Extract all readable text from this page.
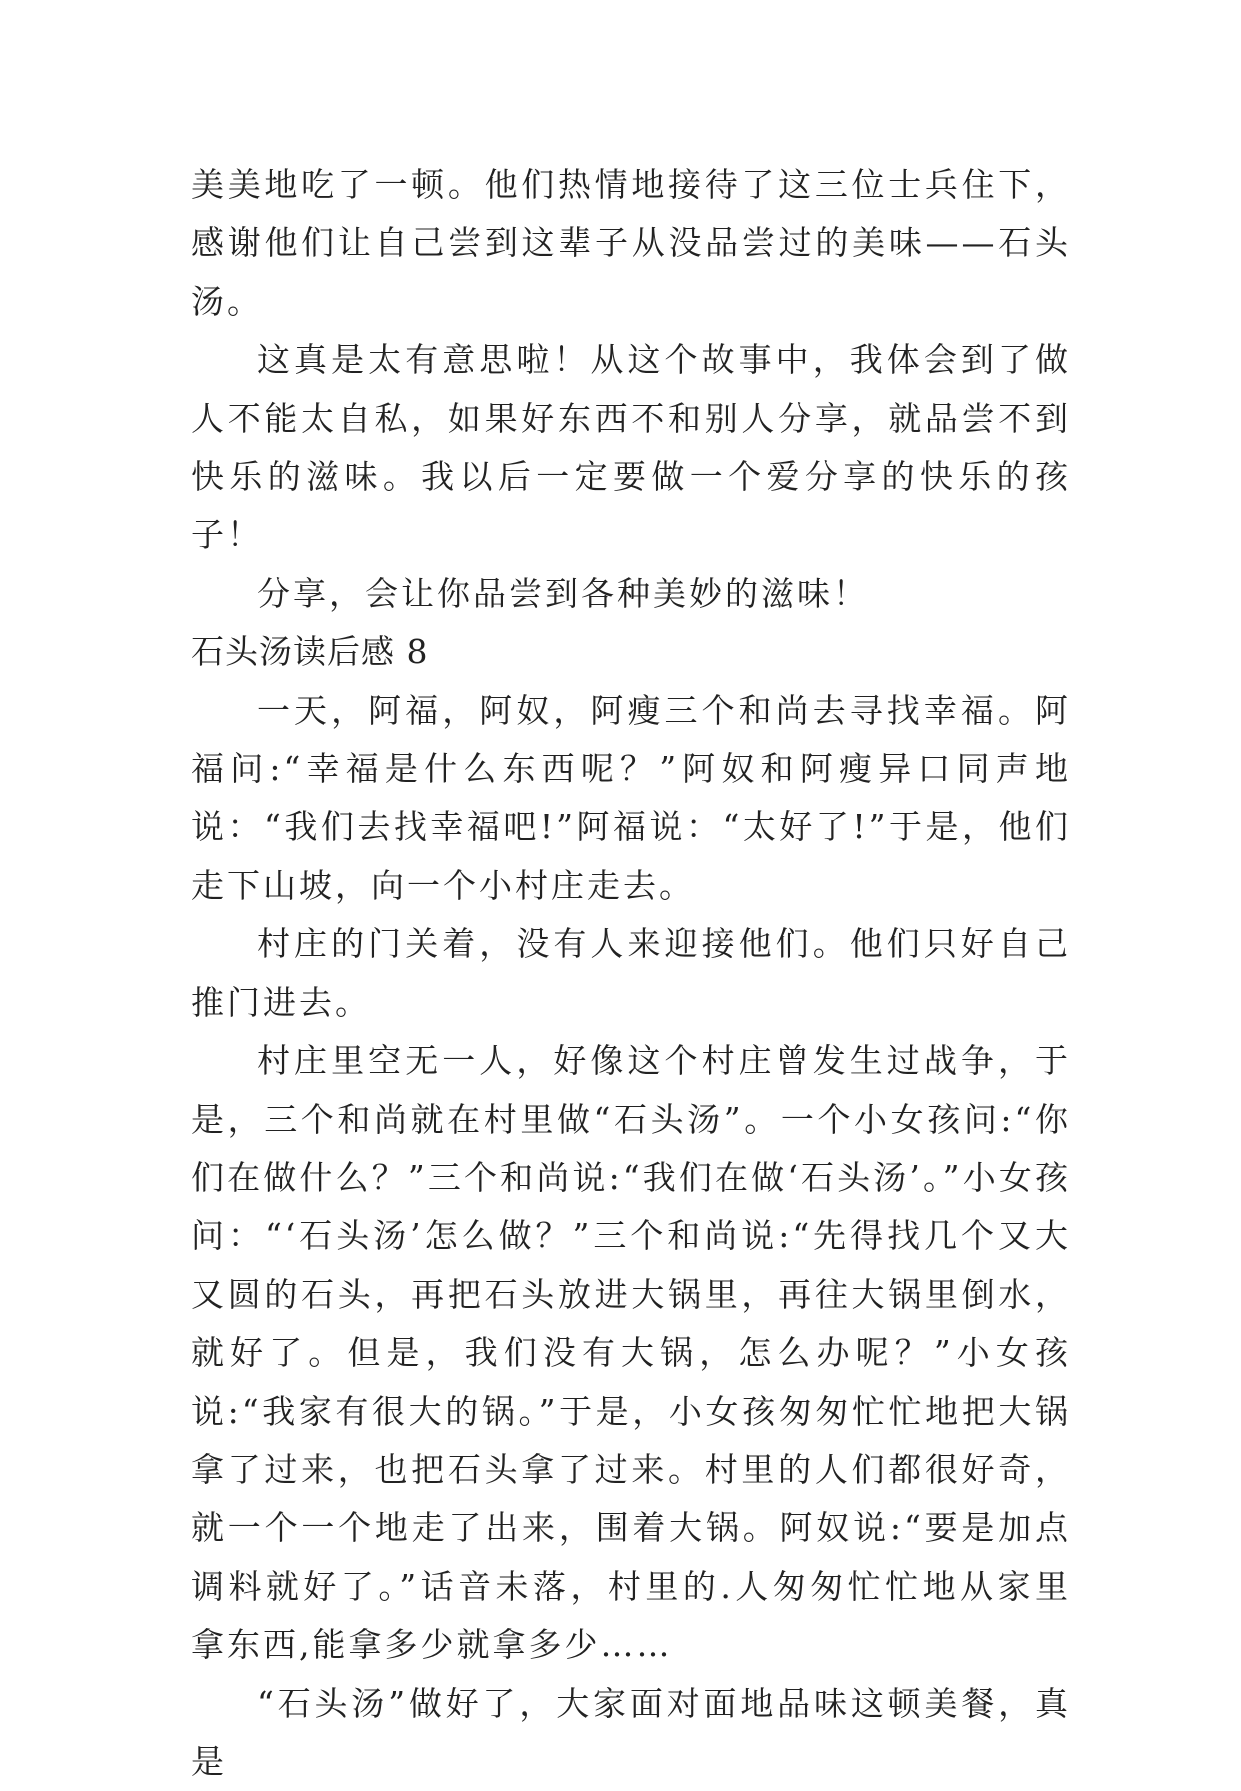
美美地吃了一顿。他们热情地接待了这三位士兵住下，感谢他们让自己尝到这辈子从没品尝过的美味——石头汤。

这真是太有意思啦！从这个故事中，我体会到了做人不能太自私，如果好东西不和别人分享，就品尝不到快乐的滋味。我以后一定要做一个爱分享的快乐的孩子！

分享，会让你品尝到各种美妙的滋味！

石头汤读后感 8

一天，阿福，阿奴，阿瘦三个和尚去寻找幸福。阿福问:“幸福是什么东西呢？”阿奴和阿瘦异口同声地说：“我们去找幸福吧!”阿福说：“太好了!”于是，他们走下山坡，向一个小村庄走去。

村庄的门关着，没有人来迎接他们。他们只好自己推门进去。

村庄里空无一人，好像这个村庄曾发生过战争，于是，三个和尚就在村里做“石头汤”。一个小女孩问:“你们在做什么？”三个和尚说:“我们在做‘石头汤’。”小女孩问：“‘石头汤’怎么做？”三个和尚说:“先得找几个又大又圆的石头，再把石头放进大锅里，再往大锅里倒水，就好了。但是，我们没有大锅，怎么办呢？”小女孩说:“我家有很大的锅。”于是，小女孩匆匆忙忙地把大锅拿了过来，也把石头拿了过来。村里的人们都很好奇，就一个一个地走了出来，围着大锅。阿奴说:“要是加点调料就好了。”话音未落，村里的.人匆匆忙忙地从家里拿东西,能拿多少就拿多少……

“石头汤”做好了，大家面对面地品味这顿美餐，真是
